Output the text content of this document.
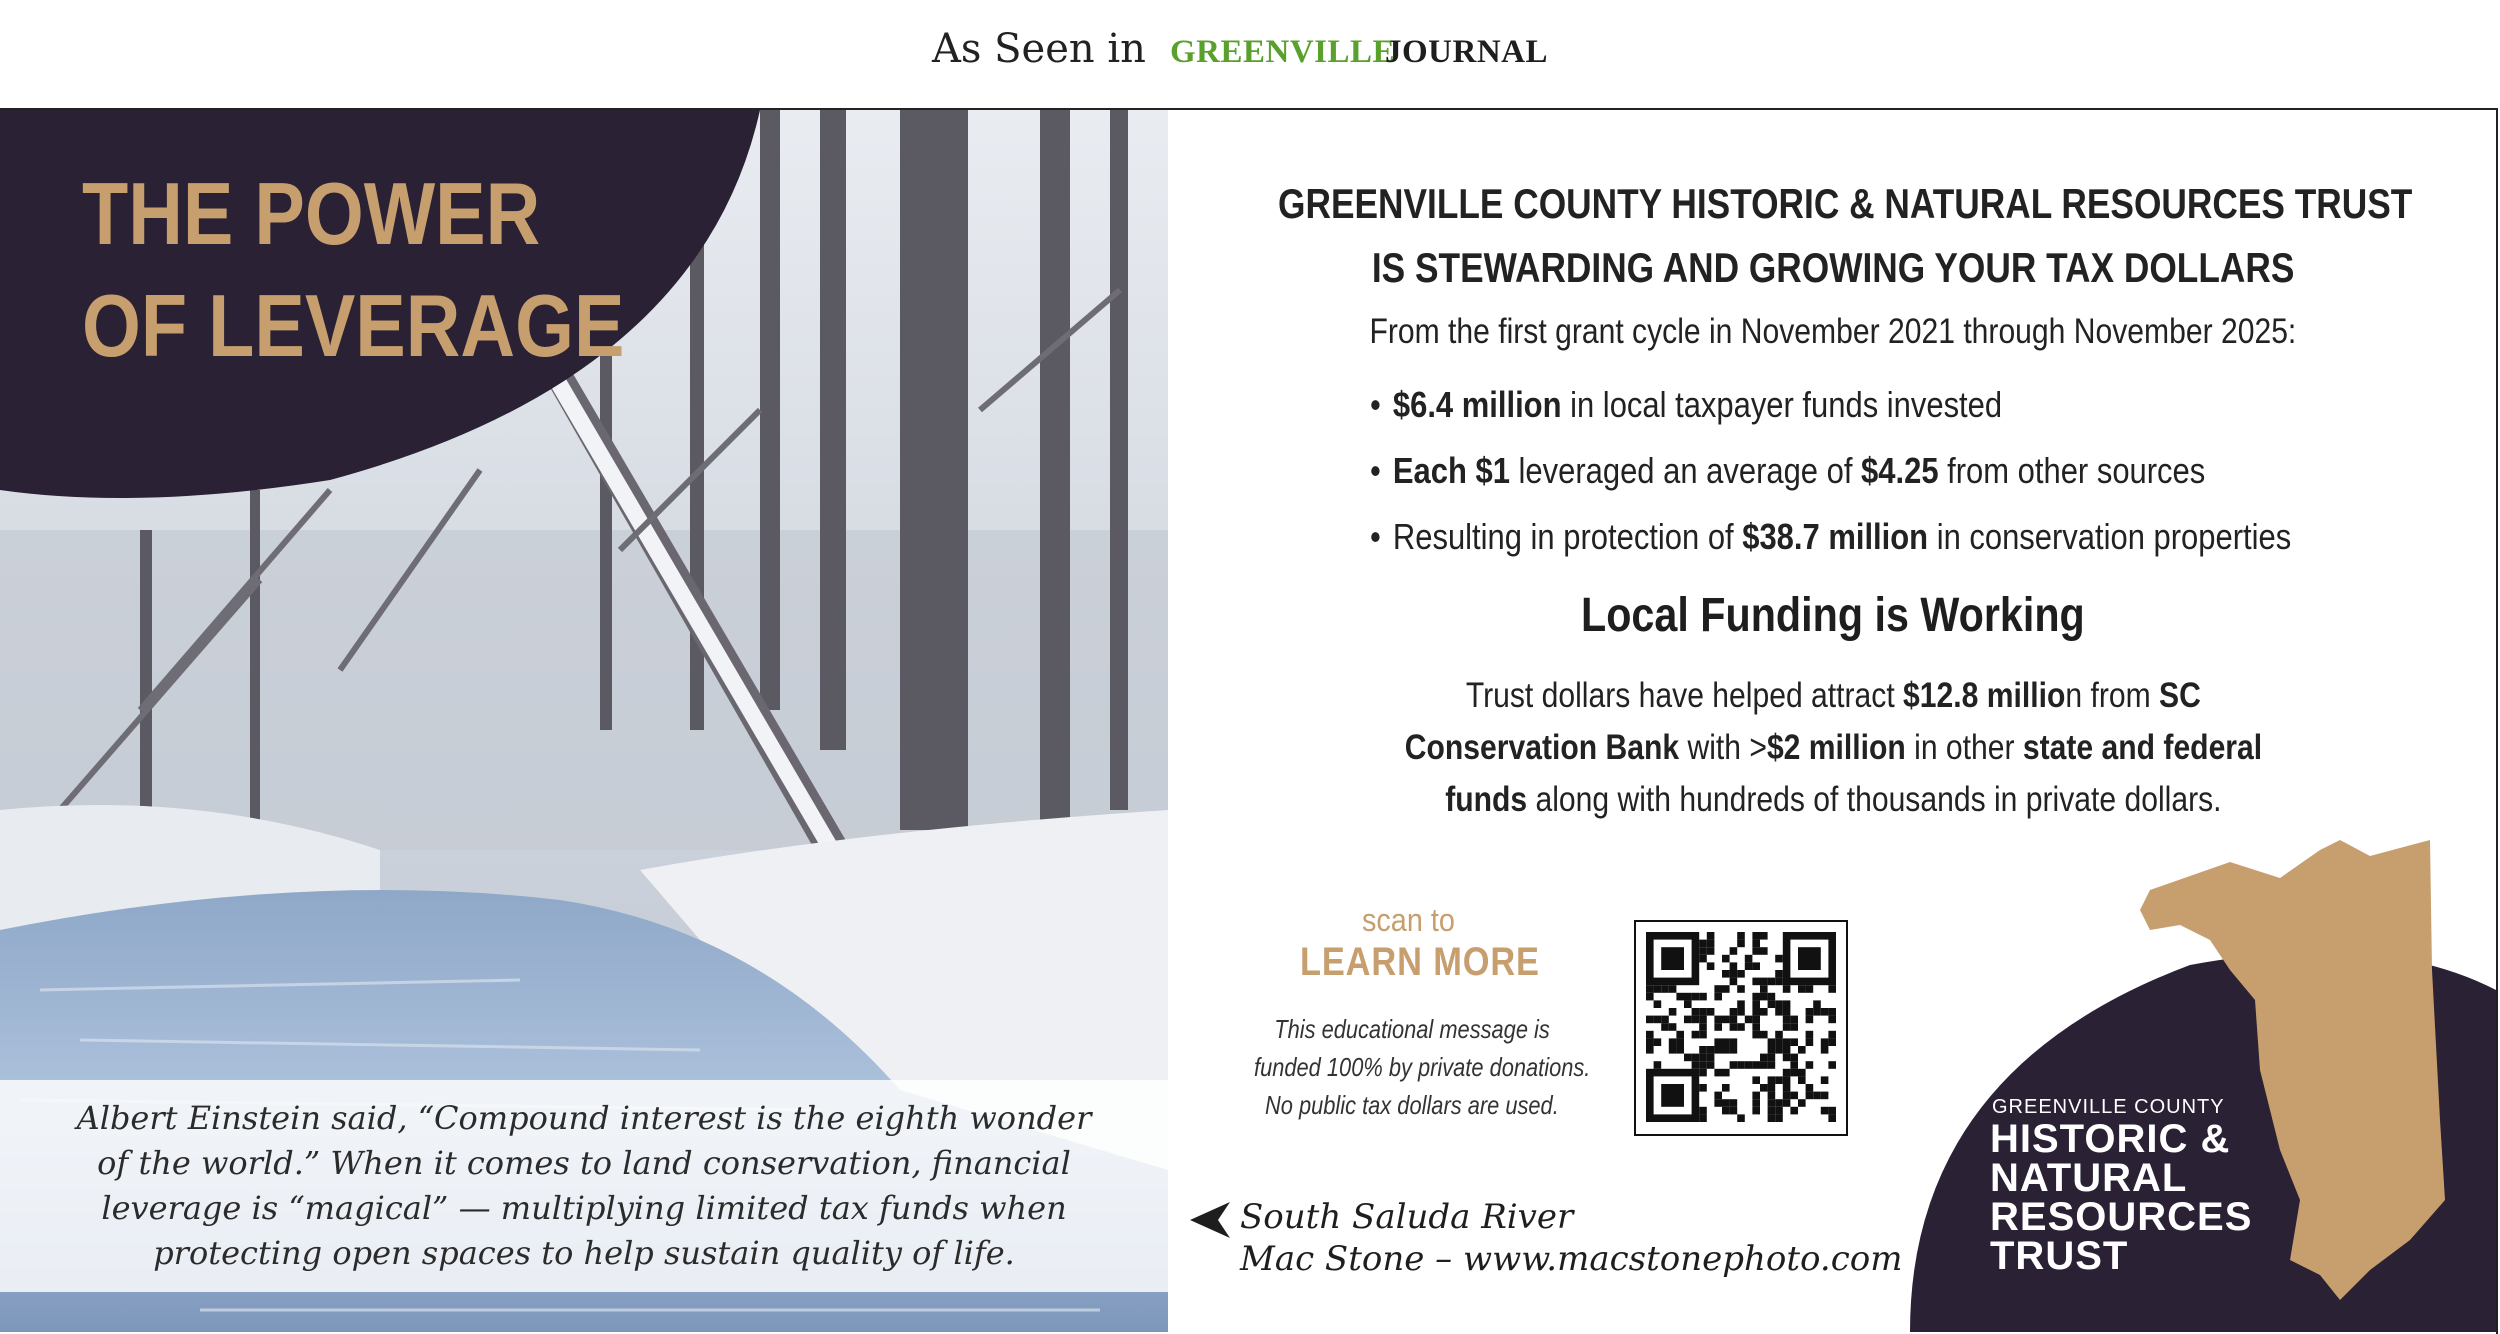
As Seen in GREENVILLE
JOURNAL
THE POWER
OF LEVERAGE
Albert Einstein said, “Compound interest is the eighth wonder
of the world.” When it comes to land conservation, financial
leverage is “magical” — multiplying limited tax funds when
protecting open spaces to help sustain quality of life.
GREENVILLE COUNTY HISTORIC & NATURAL RESOURCES TRUST
IS STEWARDING AND GROWING YOUR TAX DOLLARS
From the first grant cycle in November 2021 through November 2025:
• $6.4 million in local taxpayer funds invested
• Each $1 leveraged an average of $4.25 from other sources
• Resulting in protection of $38.7 million in conservation properties
Local Funding is Working
Trust dollars have helped attract $12.8 million from SC
Conservation Bank with >$2 million in other state and federal
funds along with hundreds of thousands in private dollars.
scan to
LEARN MORE
This educational message is
funded 100% by private donations.
No public tax dollars are used.
South Saluda River
Mac Stone – www.macstonephoto.com
GREENVILLE COUNTY
HISTORIC &
NATURAL
RESOURCES
TRUST
